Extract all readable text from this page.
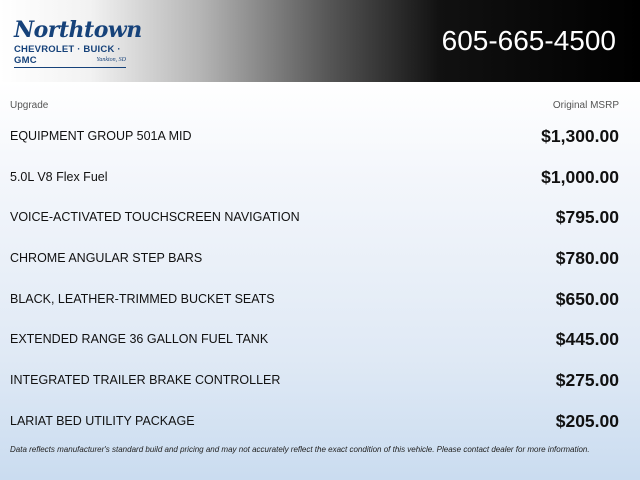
Northtown
CHEVROLET · BUICK · GMC	Yankton, SD
605-665-4500
Upgrade	Original MSRP
EQUIPMENT GROUP 501A MID	$1,300.00
5.0L V8 Flex Fuel	$1,000.00
VOICE-ACTIVATED TOUCHSCREEN NAVIGATION	$795.00
CHROME ANGULAR STEP BARS	$780.00
BLACK, LEATHER-TRIMMED BUCKET SEATS	$650.00
EXTENDED RANGE 36 GALLON FUEL TANK	$445.00
INTEGRATED TRAILER BRAKE CONTROLLER	$275.00
LARIAT BED UTILITY PACKAGE	$205.00
Data reflects manufacturer's standard build and pricing and may not accurately reflect the exact condition of this vehicle. Please contact dealer for more information.
